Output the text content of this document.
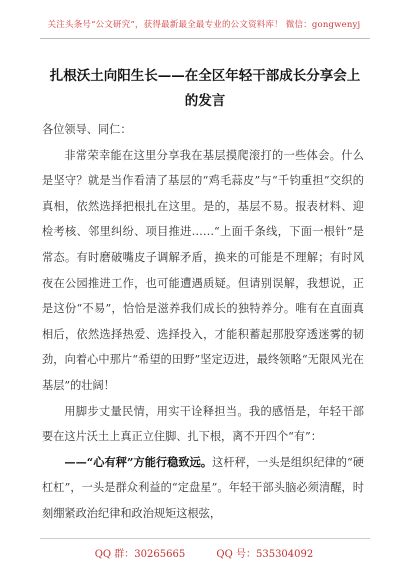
关注头条号“公文研究”，获得最新最全最专业的公文资料库！ 微信：gongwenyj
扎根沃土向阳生长——在全区年轻干部成长分享会上的发言

各位领导、同仁：

非常荣幸能在这里分享我在基层摸爬滚打的一些体会。什么是坚守？就是当作看清了基层的“鸡毛蒜皮”与“千钧重担”交织的真相，依然选择把根扎在这里。是的，基层不易。报表材料、迎检考核、邻里纠纷、项目推进……“上面千条线，下面一根针”是常态。有时磨破嘴皮子调解矛盾，换来的可能是不理解；有时风夜在公园推进工作，也可能遭遇质疑。但请别误解，我想说，正是这份“不易”，恰恰是滋养我们成长的独特养分。唯有在直面真相后，依然选择热爱、选择投入，才能积蓄起那股穿透迷雾的韧劲，向着心中那片“希望的田野”坚定迈进，最终领略“无限风光在基层”的壮阔！

用脚步丈量民情，用实干诠释担当。我的感悟是，年轻干部要在这片沃土上真正立住脚、扎下根，离不开四个“有”：

——“心有秤”方能行稳致远。这杆秤，一头是组织纪律的“硬杠杠”，一头是群众利益的“定盘星”。年轻干部头脑必须清醒，时刻绷紧政治纪律和政治规矩这根弦，

QQ 群：30265665	QQ 号：535304092
